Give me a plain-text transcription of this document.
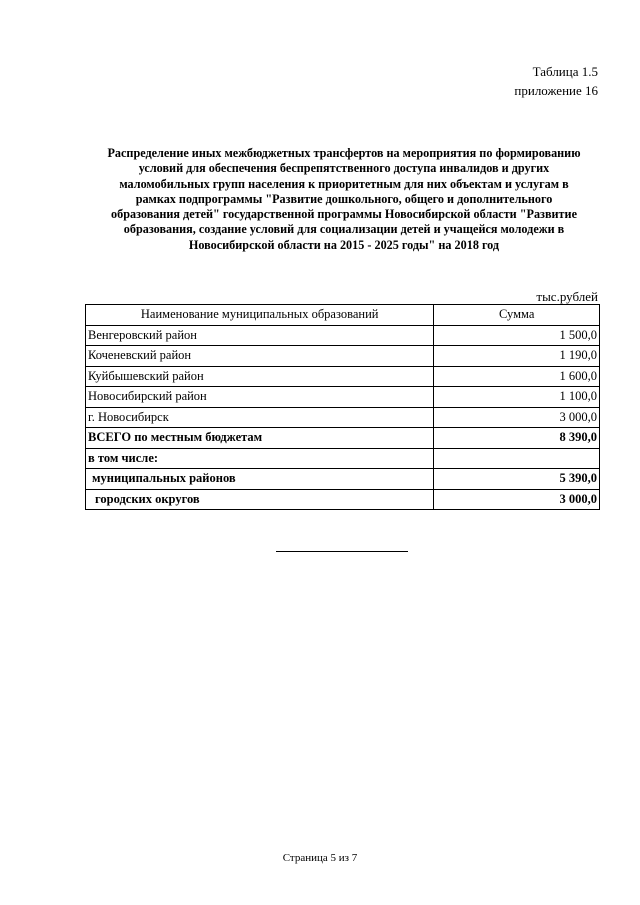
Таблица 1.5
приложение 16
Распределение иных межбюджетных трансфертов на мероприятия по формированию
условий для обеспечения беспрепятственного доступа инвалидов и других
маломобильных групп населения к приоритетным для них объектам и услугам в
рамках подпрограммы "Развитие дошкольного, общего и дополнительного
образования детей" государственной программы Новосибирской области "Развитие
образования, создание условий для социализации детей и учащейся молодежи в
Новосибирской области на 2015 - 2025 годы" на 2018 год
тыс.рублей
Наименование муниципальных образований	Сумма
Венгеровский район	1 500,0
Коченевский район	1 190,0
Куйбышевский район	1 600,0
Новосибирский район	1 100,0
г. Новосибирск	3 000,0
ВСЕГО по местным бюджетам	8 390,0
в том числе:	
муниципальных районов	5 390,0
городских округов	3 000,0
Страница 5 из 7
